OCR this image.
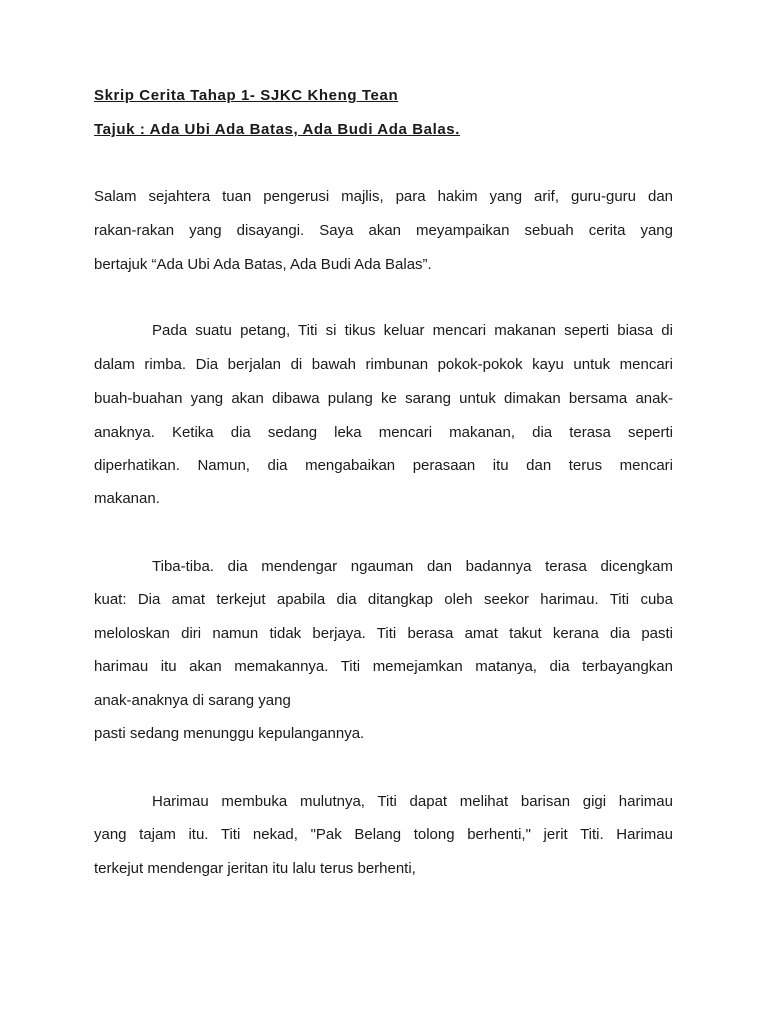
Skrip Cerita Tahap 1- SJKC Kheng Tean
Tajuk : Ada Ubi Ada Batas, Ada Budi Ada Balas.
Salam sejahtera tuan pengerusi majlis, para hakim yang arif, guru-guru dan
rakan-rakan yang disayangi. Saya akan meyampaikan sebuah cerita yang
bertajuk “Ada Ubi Ada Batas, Ada Budi Ada Balas”.
Pada suatu petang, Titi si tikus keluar mencari makanan seperti biasa di
dalam rimba. Dia berjalan di bawah rimbunan pokok-pokok kayu untuk mencari
buah-buahan yang akan dibawa pulang ke sarang untuk dimakan bersama anak-
anaknya. Ketika dia sedang leka mencari makanan, dia terasa seperti
diperhatikan. Namun, dia mengabaikan perasaan itu dan terus mencari
makanan.
Tiba-tiba. dia mendengar ngauman dan badannya terasa dicengkam
kuat: Dia amat terkejut apabila dia ditangkap oleh seekor harimau. Titi cuba
meloloskan diri namun tidak berjaya. Titi berasa amat takut kerana dia pasti
harimau itu akan memakannya. Titi memejamkan matanya, dia terbayangkan
anak-anaknya di sarang yang
pasti sedang menunggu kepulangannya.
Harimau membuka mulutnya, Titi dapat melihat barisan gigi harimau
yang tajam itu. Titi nekad, "Pak Belang tolong berhenti," jerit Titi. Harimau
terkejut mendengar jeritan itu lalu terus berhenti,
